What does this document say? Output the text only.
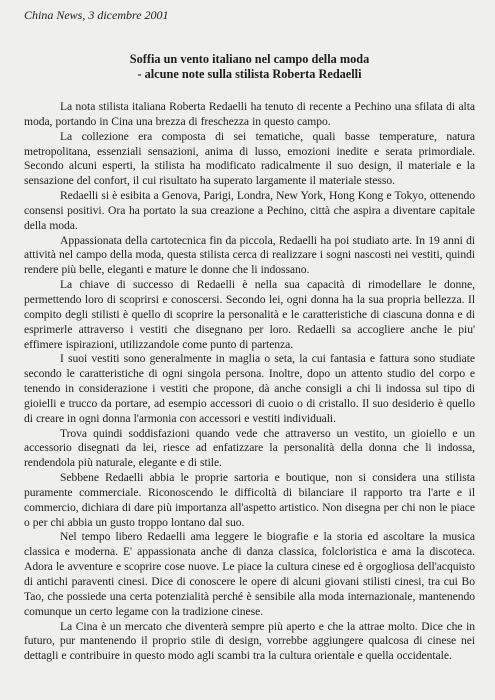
China News, 3 dicembre 2001

Soffia un vento italiano nel campo della moda
- alcune note sulla stilista Roberta Redaelli

La nota stilista italiana Roberta Redaelli ha tenuto di recente a Pechino una sfilata di alta moda, portando in Cina una brezza di freschezza in questo campo.

La collezione era composta di sei tematiche, quali basse temperature, natura metropolitana, essenziali sensazioni, anima di lusso, emozioni inedite e serata primordiale. Secondo alcuni esperti, la stilista ha modificato radicalmente il suo design, il materiale e la sensazione del confort, il cui risultato ha superato largamente il materiale stesso.

Redaelli si è esibita a Genova, Parigi, Londra, New York, Hong Kong e Tokyo, ottenendo consensi positivi. Ora ha portato la sua creazione a Pechino, città che aspira a diventare capitale della moda.

Appassionata della cartotecnica fin da piccola, Redaelli ha poi studiato arte. In 19 anni di attività nel campo della moda, questa stilista cerca di realizzare i sogni nascosti nei vestiti, quindi rendere più belle, eleganti e mature le donne che li indossano.

La chiave di successo di Redaelli è nella sua capacità di rimodellare le donne, permettendo loro di scoprirsi e conoscersi. Secondo lei, ogni donna ha la sua propria bellezza. Il compito degli stilisti è quello di scoprire la personalità e le caratteristiche di ciascuna donna e di esprimerle attraverso i vestiti che disegnano per loro. Redaelli sa accogliere anche le piu' effimere ispirazioni, utilizzandole come punto di partenza.

I suoi vestiti sono generalmente in maglia o seta, la cui fantasia e fattura sono studiate secondo le caratteristiche di ogni singola persona. Inoltre, dopo un attento studio del corpo e tenendo in considerazione i vestiti che propone, dà anche consigli a chi li indossa sul tipo di gioielli e trucco da portare, ad esempio accessori di cuoio o di cristallo. Il suo desiderio è quello di creare in ogni donna l'armonia con accessori e vestiti individuali.

Trova quindi soddisfazioni quando vede che attraverso un vestito, un gioiello e un accessorio disegnati da lei, riesce ad enfatizzare la personalità della donna che li indossa, rendendola più naturale, elegante e di stile.

Sebbene Redaelli abbia le proprie sartoria e boutique, non si considera una stilista puramente commerciale. Riconoscendo le difficoltà di bilanciare il rapporto tra l'arte e il commercio, dichiara di dare più importanza all'aspetto artistico. Non disegna per chi non le piace o per chi abbia un gusto troppo lontano dal suo.

Nel tempo libero Redaelli ama leggere le biografie e la storia ed ascoltare la musica classica e moderna. E' appassionata anche di danza classica, folcloristica e ama la discoteca. Adora le avventure e scoprire cose nuove. Le piace la cultura cinese ed è orgogliosa dell'acquisto di antichi paraventi cinesi. Dice di conoscere le opere di alcuni giovani stilisti cinesi, tra cui Bo Tao, che possiede una certa potenzialità perché è sensibile alla moda internazionale, mantenendo comunque un certo legame con la tradizione cinese.

La Cina è un mercato che diventerà sempre più aperto e che la attrae molto. Dice che in futuro, pur mantenendo il proprio stile di design, vorrebbe aggiungere qualcosa di cinese nei dettagli e contribuire in questo modo agli scambi tra la cultura orientale e quella occidentale.
